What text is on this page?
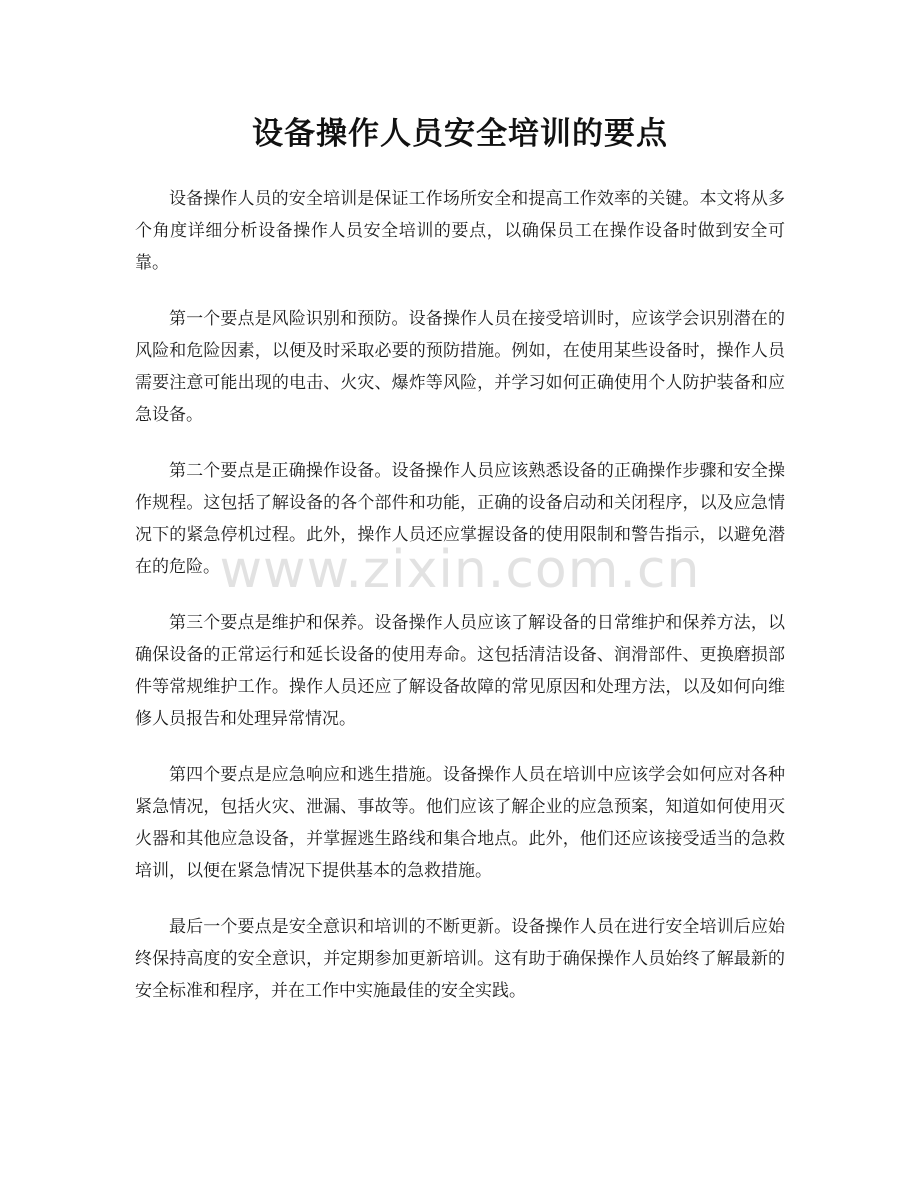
设备操作人员安全培训的要点

设备操作人员的安全培训是保证工作场所安全和提高工作效率的关键。本文将从多个角度详细分析设备操作人员安全培训的要点，以确保员工在操作设备时做到安全可靠。

第一个要点是风险识别和预防。设备操作人员在接受培训时，应该学会识别潜在的风险和危险因素，以便及时采取必要的预防措施。例如，在使用某些设备时，操作人员需要注意可能出现的电击、火灾、爆炸等风险，并学习如何正确使用个人防护装备和应急设备。

第二个要点是正确操作设备。设备操作人员应该熟悉设备的正确操作步骤和安全操作规程。这包括了解设备的各个部件和功能，正确的设备启动和关闭程序，以及应急情况下的紧急停机过程。此外，操作人员还应掌握设备的使用限制和警告指示，以避免潜在的危险。

第三个要点是维护和保养。设备操作人员应该了解设备的日常维护和保养方法，以确保设备的正常运行和延长设备的使用寿命。这包括清洁设备、润滑部件、更换磨损部件等常规维护工作。操作人员还应了解设备故障的常见原因和处理方法，以及如何向维修人员报告和处理异常情况。

第四个要点是应急响应和逃生措施。设备操作人员在培训中应该学会如何应对各种紧急情况，包括火灾、泄漏、事故等。他们应该了解企业的应急预案，知道如何使用灭火器和其他应急设备，并掌握逃生路线和集合地点。此外，他们还应该接受适当的急救培训，以便在紧急情况下提供基本的急救措施。

最后一个要点是安全意识和培训的不断更新。设备操作人员在进行安全培训后应始终保持高度的安全意识，并定期参加更新培训。这有助于确保操作人员始终了解最新的安全标准和程序，并在工作中实施最佳的安全实践。

www.zixin.com.cn
